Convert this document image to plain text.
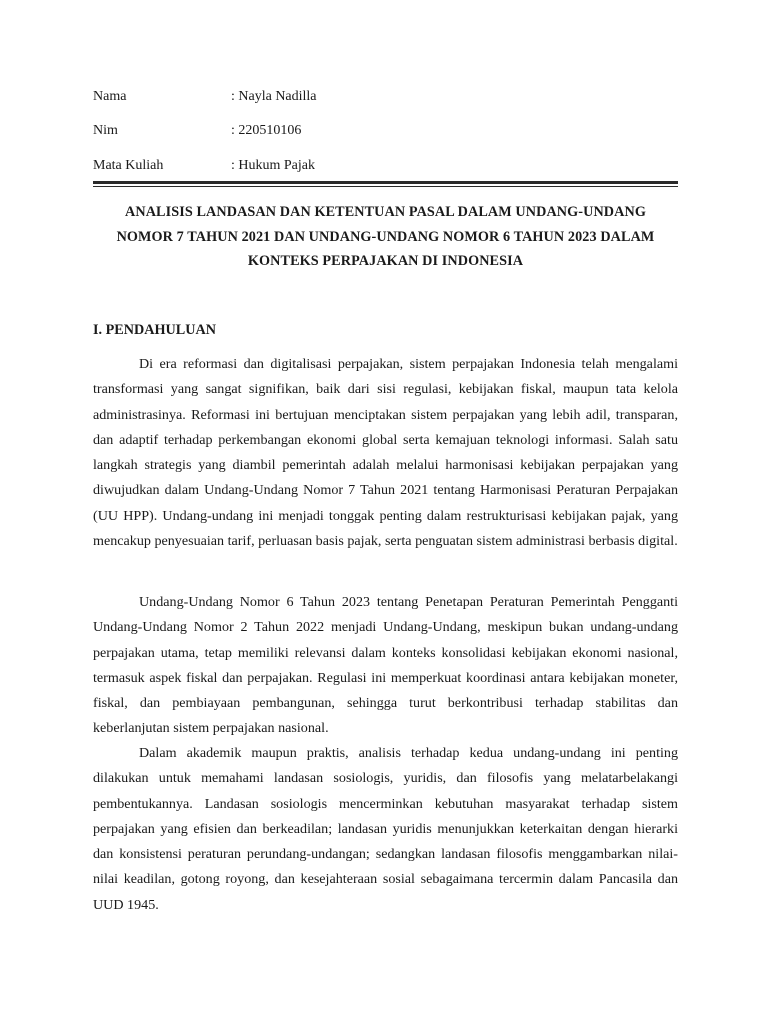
Nama	: Nayla Nadilla
Nim	: 220510106
Mata Kuliah	: Hukum Pajak
ANALISIS LANDASAN DAN KETENTUAN PASAL DALAM UNDANG-UNDANG
NOMOR 7 TAHUN 2021 DAN UNDANG-UNDANG NOMOR 6 TAHUN 2023 DALAM
KONTEKS PERPAJAKAN DI INDONESIA
I. PENDAHULUAN

Di era reformasi dan digitalisasi perpajakan, sistem perpajakan Indonesia telah mengalami transformasi yang sangat signifikan, baik dari sisi regulasi, kebijakan fiskal, maupun tata kelola administrasinya. Reformasi ini bertujuan menciptakan sistem perpajakan yang lebih adil, transparan, dan adaptif terhadap perkembangan ekonomi global serta kemajuan teknologi informasi. Salah satu langkah strategis yang diambil pemerintah adalah melalui harmonisasi kebijakan perpajakan yang diwujudkan dalam Undang-Undang Nomor 7 Tahun 2021 tentang Harmonisasi Peraturan Perpajakan (UU HPP). Undang-undang ini menjadi tonggak penting dalam restrukturisasi kebijakan pajak, yang mencakup penyesuaian tarif, perluasan basis pajak, serta penguatan sistem administrasi berbasis digital.

Undang-Undang Nomor 6 Tahun 2023 tentang Penetapan Peraturan Pemerintah Pengganti Undang-Undang Nomor 2 Tahun 2022 menjadi Undang-Undang, meskipun bukan undang-undang perpajakan utama, tetap memiliki relevansi dalam konteks konsolidasi kebijakan ekonomi nasional, termasuk aspek fiskal dan perpajakan. Regulasi ini memperkuat koordinasi antara kebijakan moneter, fiskal, dan pembiayaan pembangunan, sehingga turut berkontribusi terhadap stabilitas dan keberlanjutan sistem perpajakan nasional.

Dalam akademik maupun praktis, analisis terhadap kedua undang-undang ini penting dilakukan untuk memahami landasan sosiologis, yuridis, dan filosofis yang melatarbelakangi pembentukannya. Landasan sosiologis mencerminkan kebutuhan masyarakat terhadap sistem perpajakan yang efisien dan berkeadilan; landasan yuridis menunjukkan keterkaitan dengan hierarki dan konsistensi peraturan perundang-undangan; sedangkan landasan filosofis menggambarkan nilai-nilai keadilan, gotong royong, dan kesejahteraan sosial sebagaimana tercermin dalam Pancasila dan UUD 1945.
